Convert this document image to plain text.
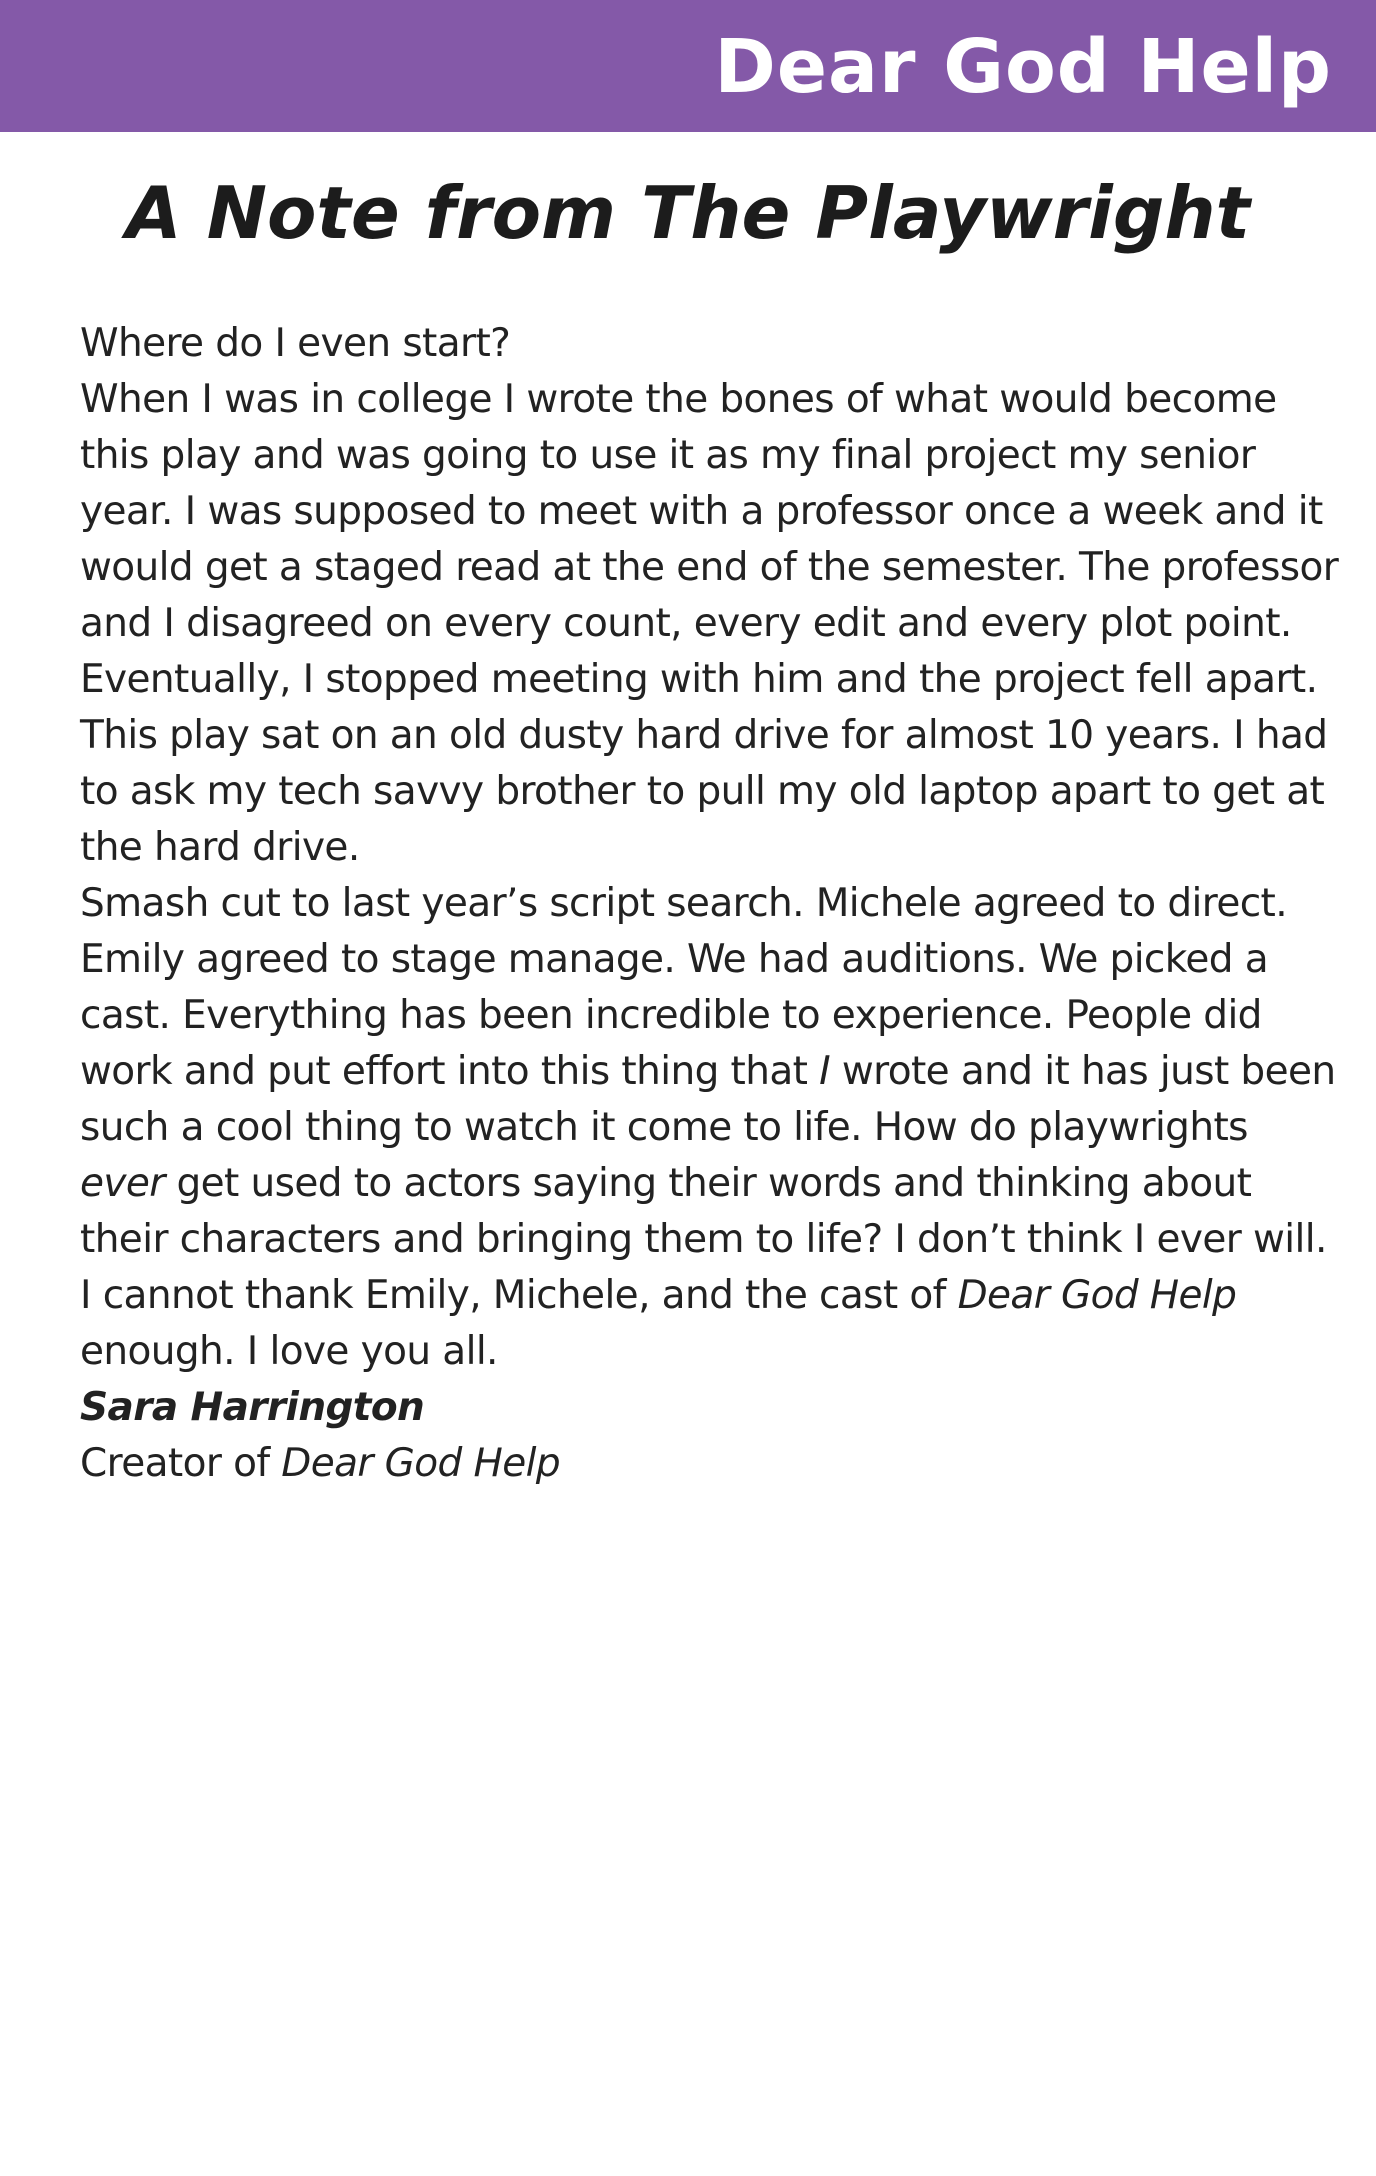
Dear God Help
A Note from The Playwright

Where do I even start?

When I was in college I wrote the bones of what would become this play and was going to use it as my final project my senior year. I was supposed to meet with a professor once a week and it would get a staged read at the end of the semester. The professor and I disagreed on every count, every edit and every plot point. Eventually, I stopped meeting with him and the project fell apart.

This play sat on an old dusty hard drive for almost 10 years. I had to ask my tech savvy brother to pull my old laptop apart to get at the hard drive.

Smash cut to last year’s script search. Michele agreed to direct. Emily agreed to stage manage. We had auditions. We picked a cast. Everything has been incredible to experience. People did work and put effort into this thing that I wrote and it has just been such a cool thing to watch it come to life. How do playwrights ever get used to actors saying their words and thinking about their characters and bringing them to life? I don’t think I ever will.

I cannot thank Emily, Michele, and the cast of Dear God Help enough. I love you all.

Sara Harrington

Creator of Dear God Help
